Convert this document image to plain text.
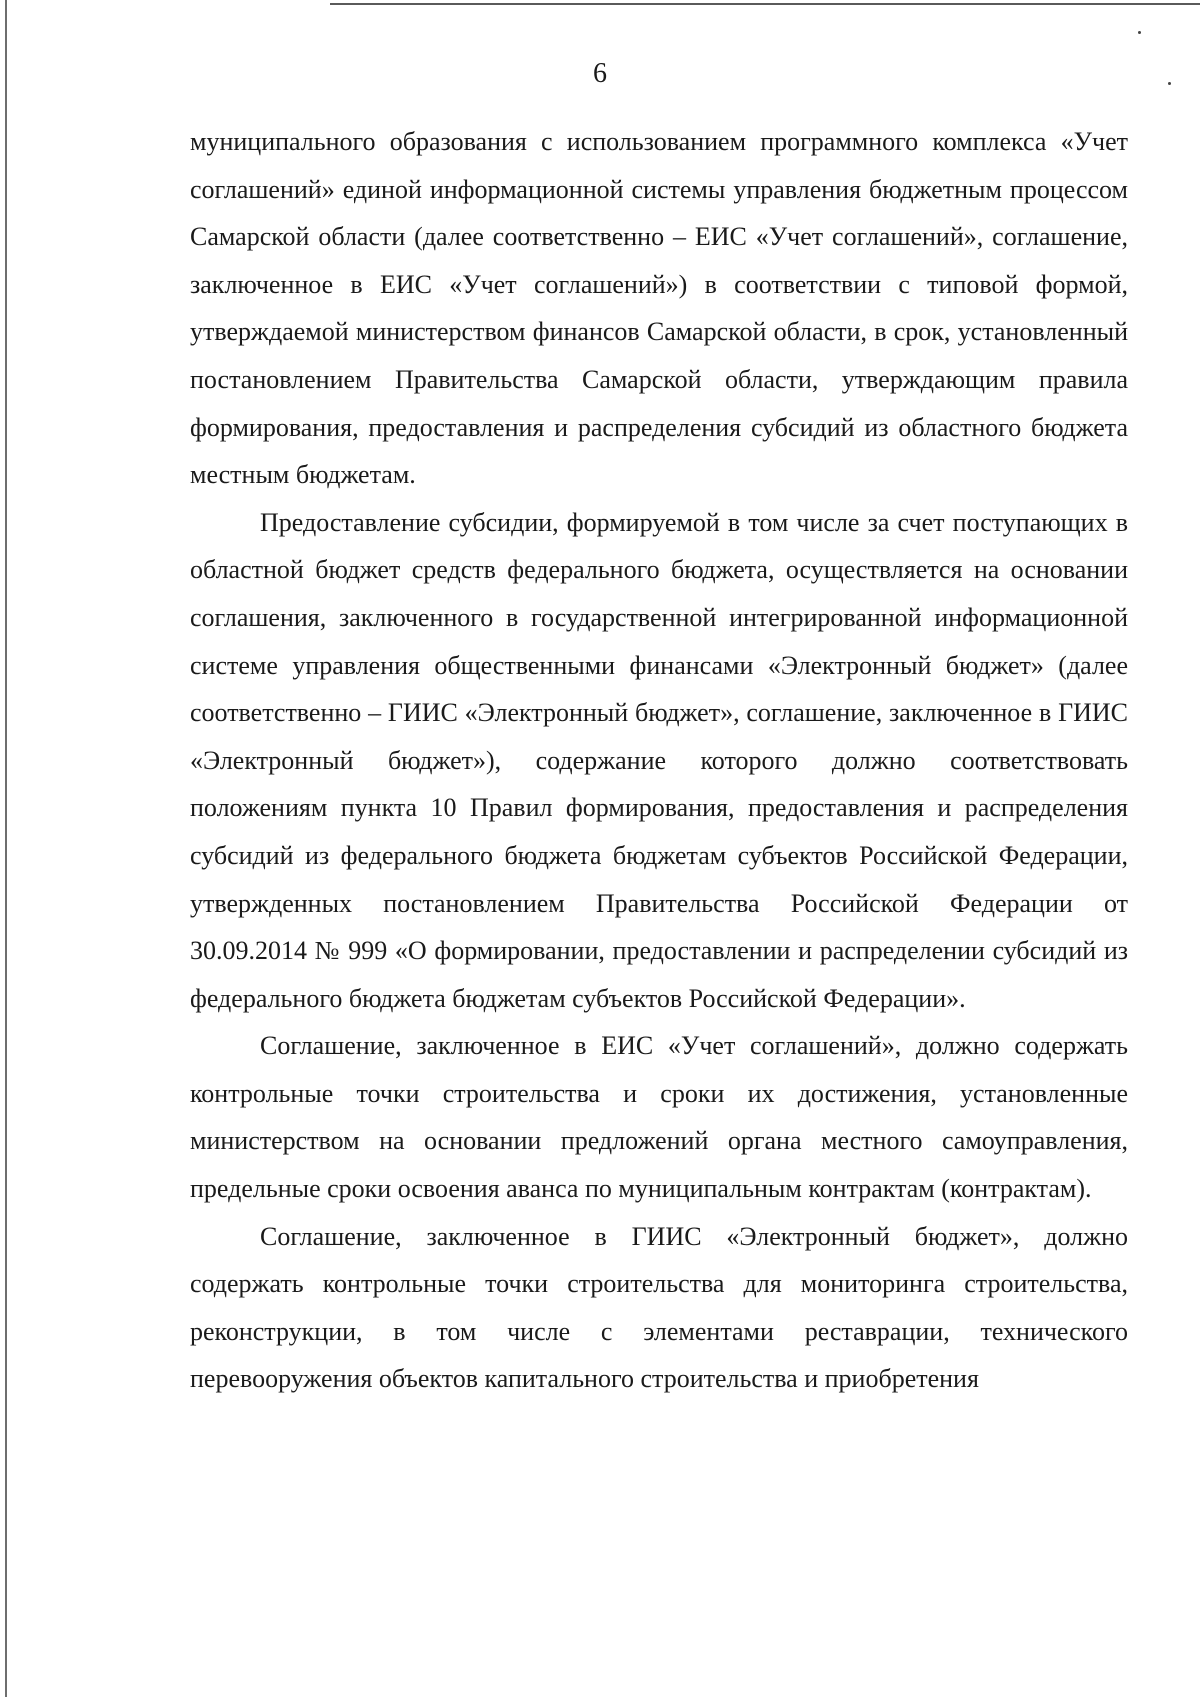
6

муниципального образования с использованием программного комплекса «Учет соглашений» единой информационной системы управления бюджетным процессом Самарской области (далее соответственно – ЕИС «Учет соглашений», соглашение, заключенное в ЕИС «Учет соглашений») в соответствии с типовой формой, утверждаемой министерством финансов Самарской области, в срок, установленный постановлением Правительства Самарской области, утверждающим правила формирования, предоставления и распределения субсидий из областного бюджета местным бюджетам.

Предоставление субсидии, формируемой в том числе за счет поступающих в областной бюджет средств федерального бюджета, осуществляется на основании соглашения, заключенного в государственной интегрированной информационной системе управления общественными финансами «Электронный бюджет» (далее соответственно – ГИИС «Электронный бюджет», соглашение, заключенное в ГИИС «Электронный бюджет»), содержание которого должно соответствовать положениям пункта 10 Правил формирования, предоставления и распределения субсидий из федерального бюджета бюджетам субъектов Российской Федерации, утвержденных постановлением Правительства Российской Федерации от 30.09.2014 № 999 «О формировании, предоставлении и распределении субсидий из федерального бюджета бюджетам субъектов Российской Федерации».

Соглашение, заключенное в ЕИС «Учет соглашений», должно содержать контрольные точки строительства и сроки их достижения, установленные министерством на основании предложений органа местного самоуправления, предельные сроки освоения аванса по муниципальным контрактам (контрактам).

Соглашение, заключенное в ГИИС «Электронный бюджет», должно содержать контрольные точки строительства для мониторинга строительства, реконструкции, в том числе с элементами реставрации, технического перевооружения объектов капитального строительства и приобретения
